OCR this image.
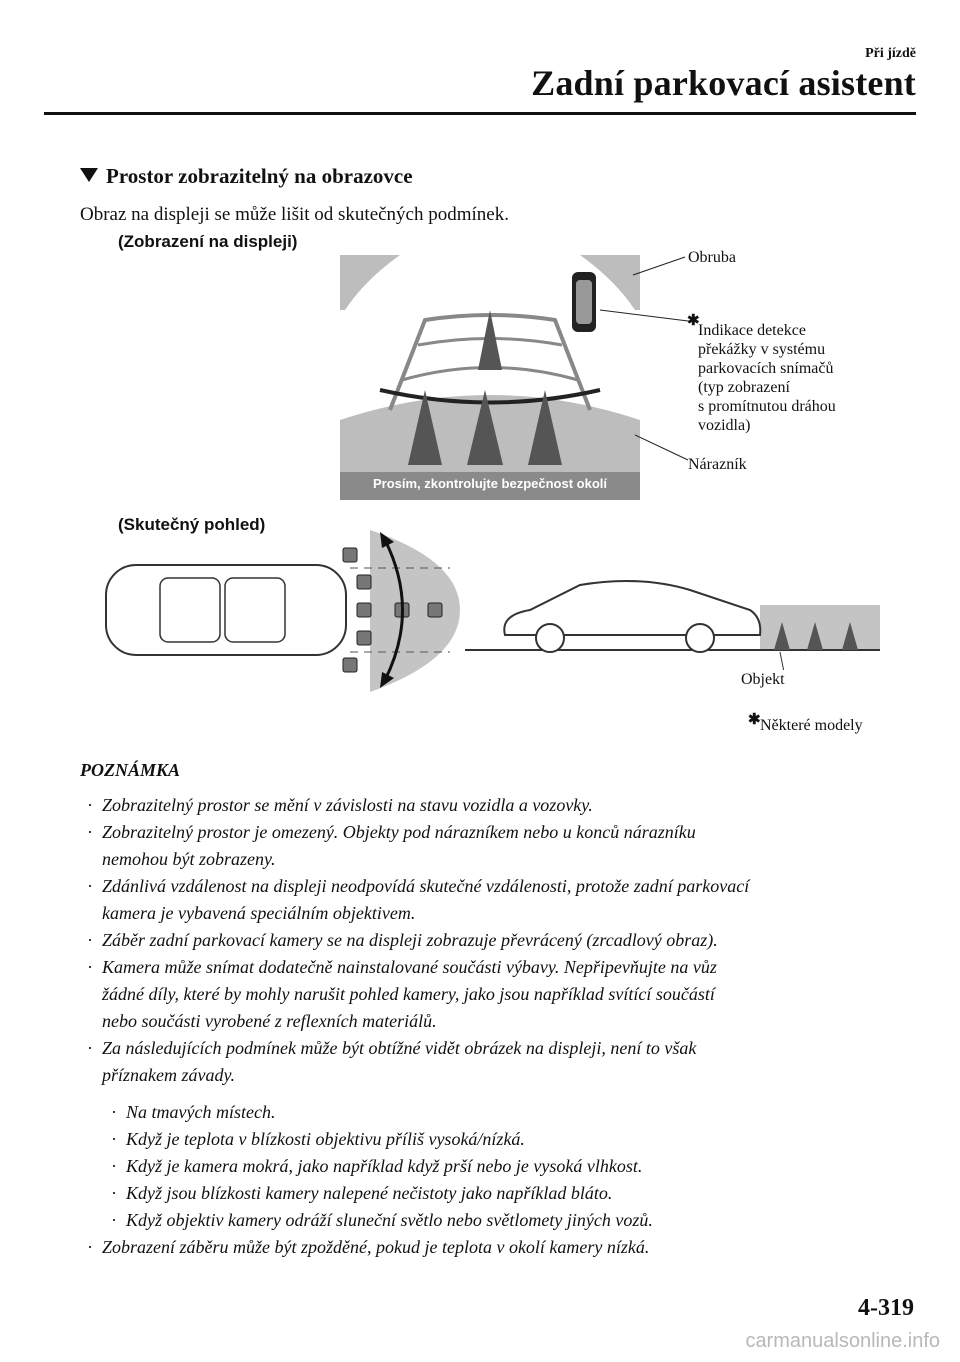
Při jízdě
Zadní parkovací asistent
Prostor zobrazitelný na obrazovce
Obraz na displeji se může lišit od skutečných podmínek.
(Zobrazení na displeji)
Prosím, zkontrolujte bezpečnost okolí
Obruba
✱
Indikace detekce
překážky v systému
parkovacích snímačů
(typ zobrazení
s promítnutou dráhou
vozidla)
Nárazník
(Skutečný pohled)
Objekt
✱ Některé modely
POZNÁMKA
· Zobrazitelný prostor se mění v závislosti na stavu vozidla a vozovky.
· Zobrazitelný prostor je omezený. Objekty pod nárazníkem nebo u konců nárazníku
nemohou být zobrazeny.
· Zdánlivá vzdálenost na displeji neodpovídá skutečné vzdálenosti, protože zadní parkovací
kamera je vybavená speciálním objektivem.
· Záběr zadní parkovací kamery se na displeji zobrazuje převrácený (zrcadlový obraz).
· Kamera může snímat dodatečně nainstalované součásti výbavy. Nepřipevňujte na vůz
žádné díly, které by mohly narušit pohled kamery, jako jsou například svítící součástí
nebo součásti vyrobené z reflexních materiálů.
· Za následujících podmínek může být obtížné vidět obrázek na displeji, není to však
příznakem závady.
· Na tmavých místech.
· Když je teplota v blízkosti objektivu příliš vysoká/nízká.
· Když je kamera mokrá, jako například když prší nebo je vysoká vlhkost.
· Když jsou blízkosti kamery nalepené nečistoty jako například bláto.
· Když objektiv kamery odráží sluneční světlo nebo světlomety jiných vozů.
· Zobrazení záběru může být zpožděné, pokud je teplota v okolí kamery nízká.
4-319
carmanualsonline.info
